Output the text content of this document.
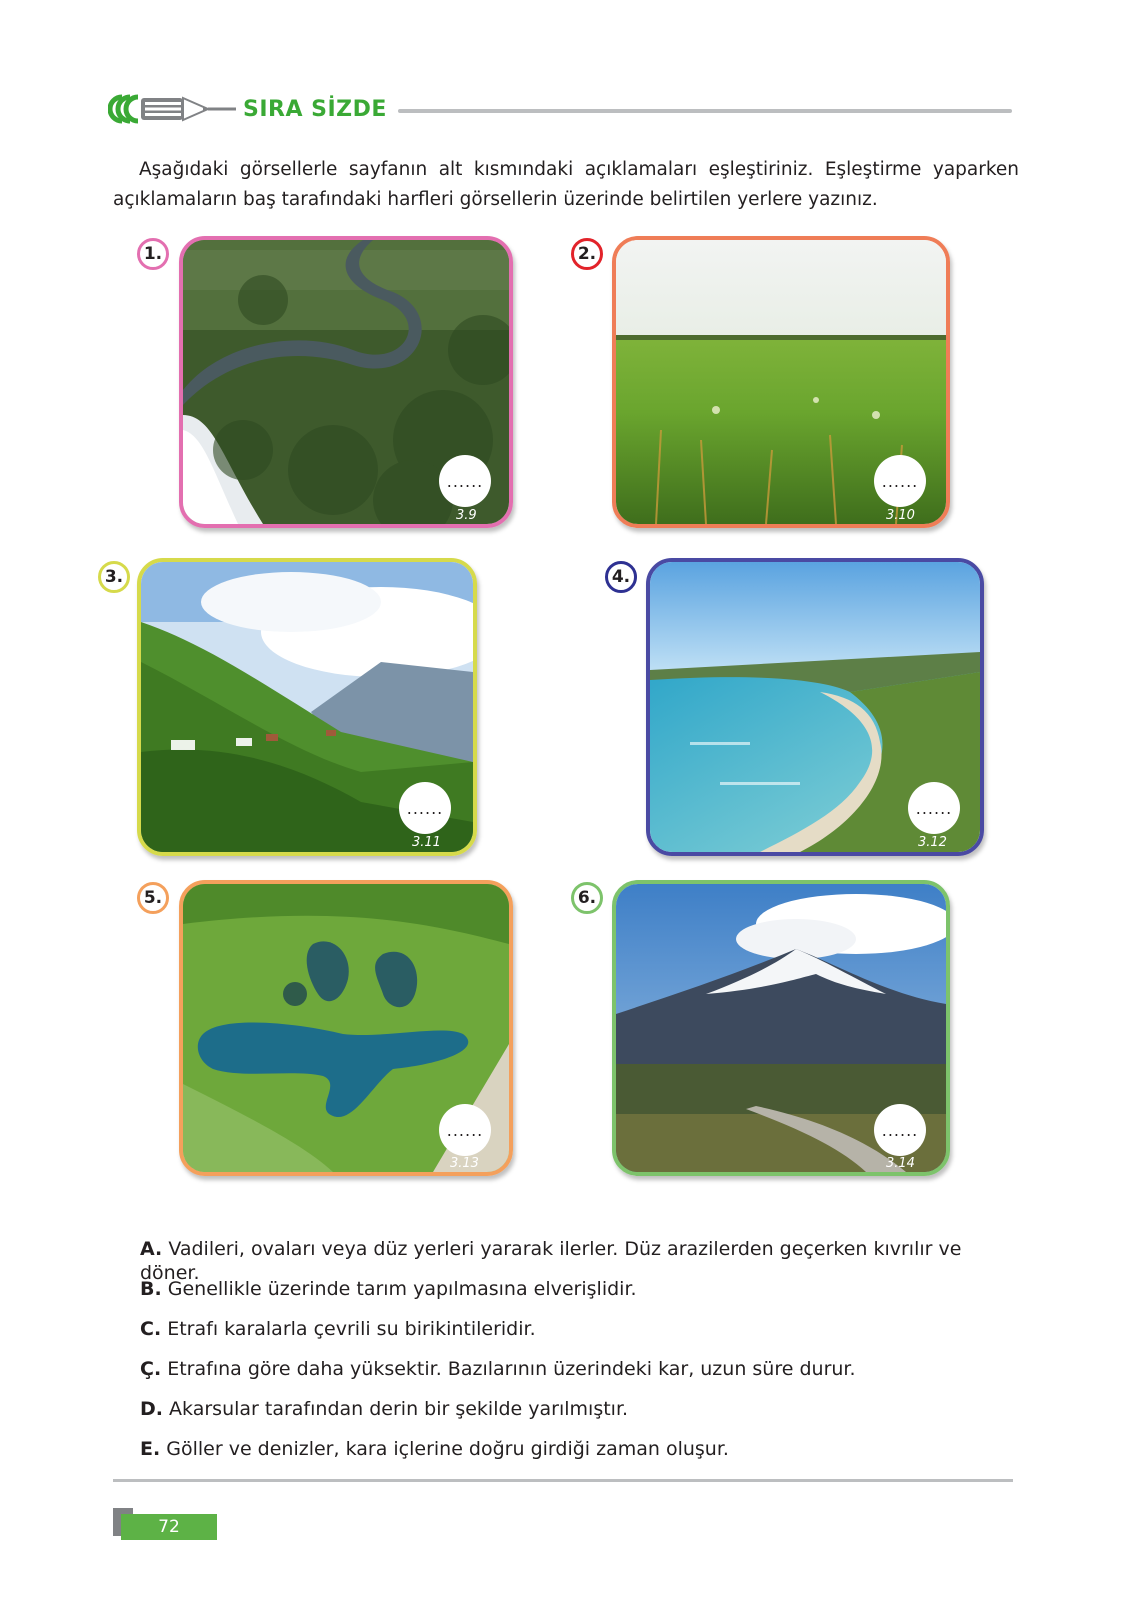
SIRA SİZDE

Aşağıdaki görsellerle sayfanın alt kısmındaki açıklamaları eşleştiriniz. Eşleştirme yaparken açıklamaların baş tarafındaki harfleri görsellerin üzerinde belirtilen yerlere yazınız.

......
3.9
1.
......
3.10
2.
......
3.11
3.
......
3.12
4.
......
3.13
5.
......
3.14
6.
A. Vadileri, ovaları veya düz yerleri yararak ilerler. Düz arazilerden geçerken kıvrılır ve döner.
B. Genellikle üzerinde tarım yapılmasına elverişlidir.
C. Etrafı karalarla çevrili su birikintileridir.
Ç. Etrafına göre daha yüksektir. Bazılarının üzerindeki kar, uzun süre durur.
D. Akarsular tarafından derin bir şekilde yarılmıştır.
E. Göller ve denizler, kara içlerine doğru girdiği zaman oluşur.
72
